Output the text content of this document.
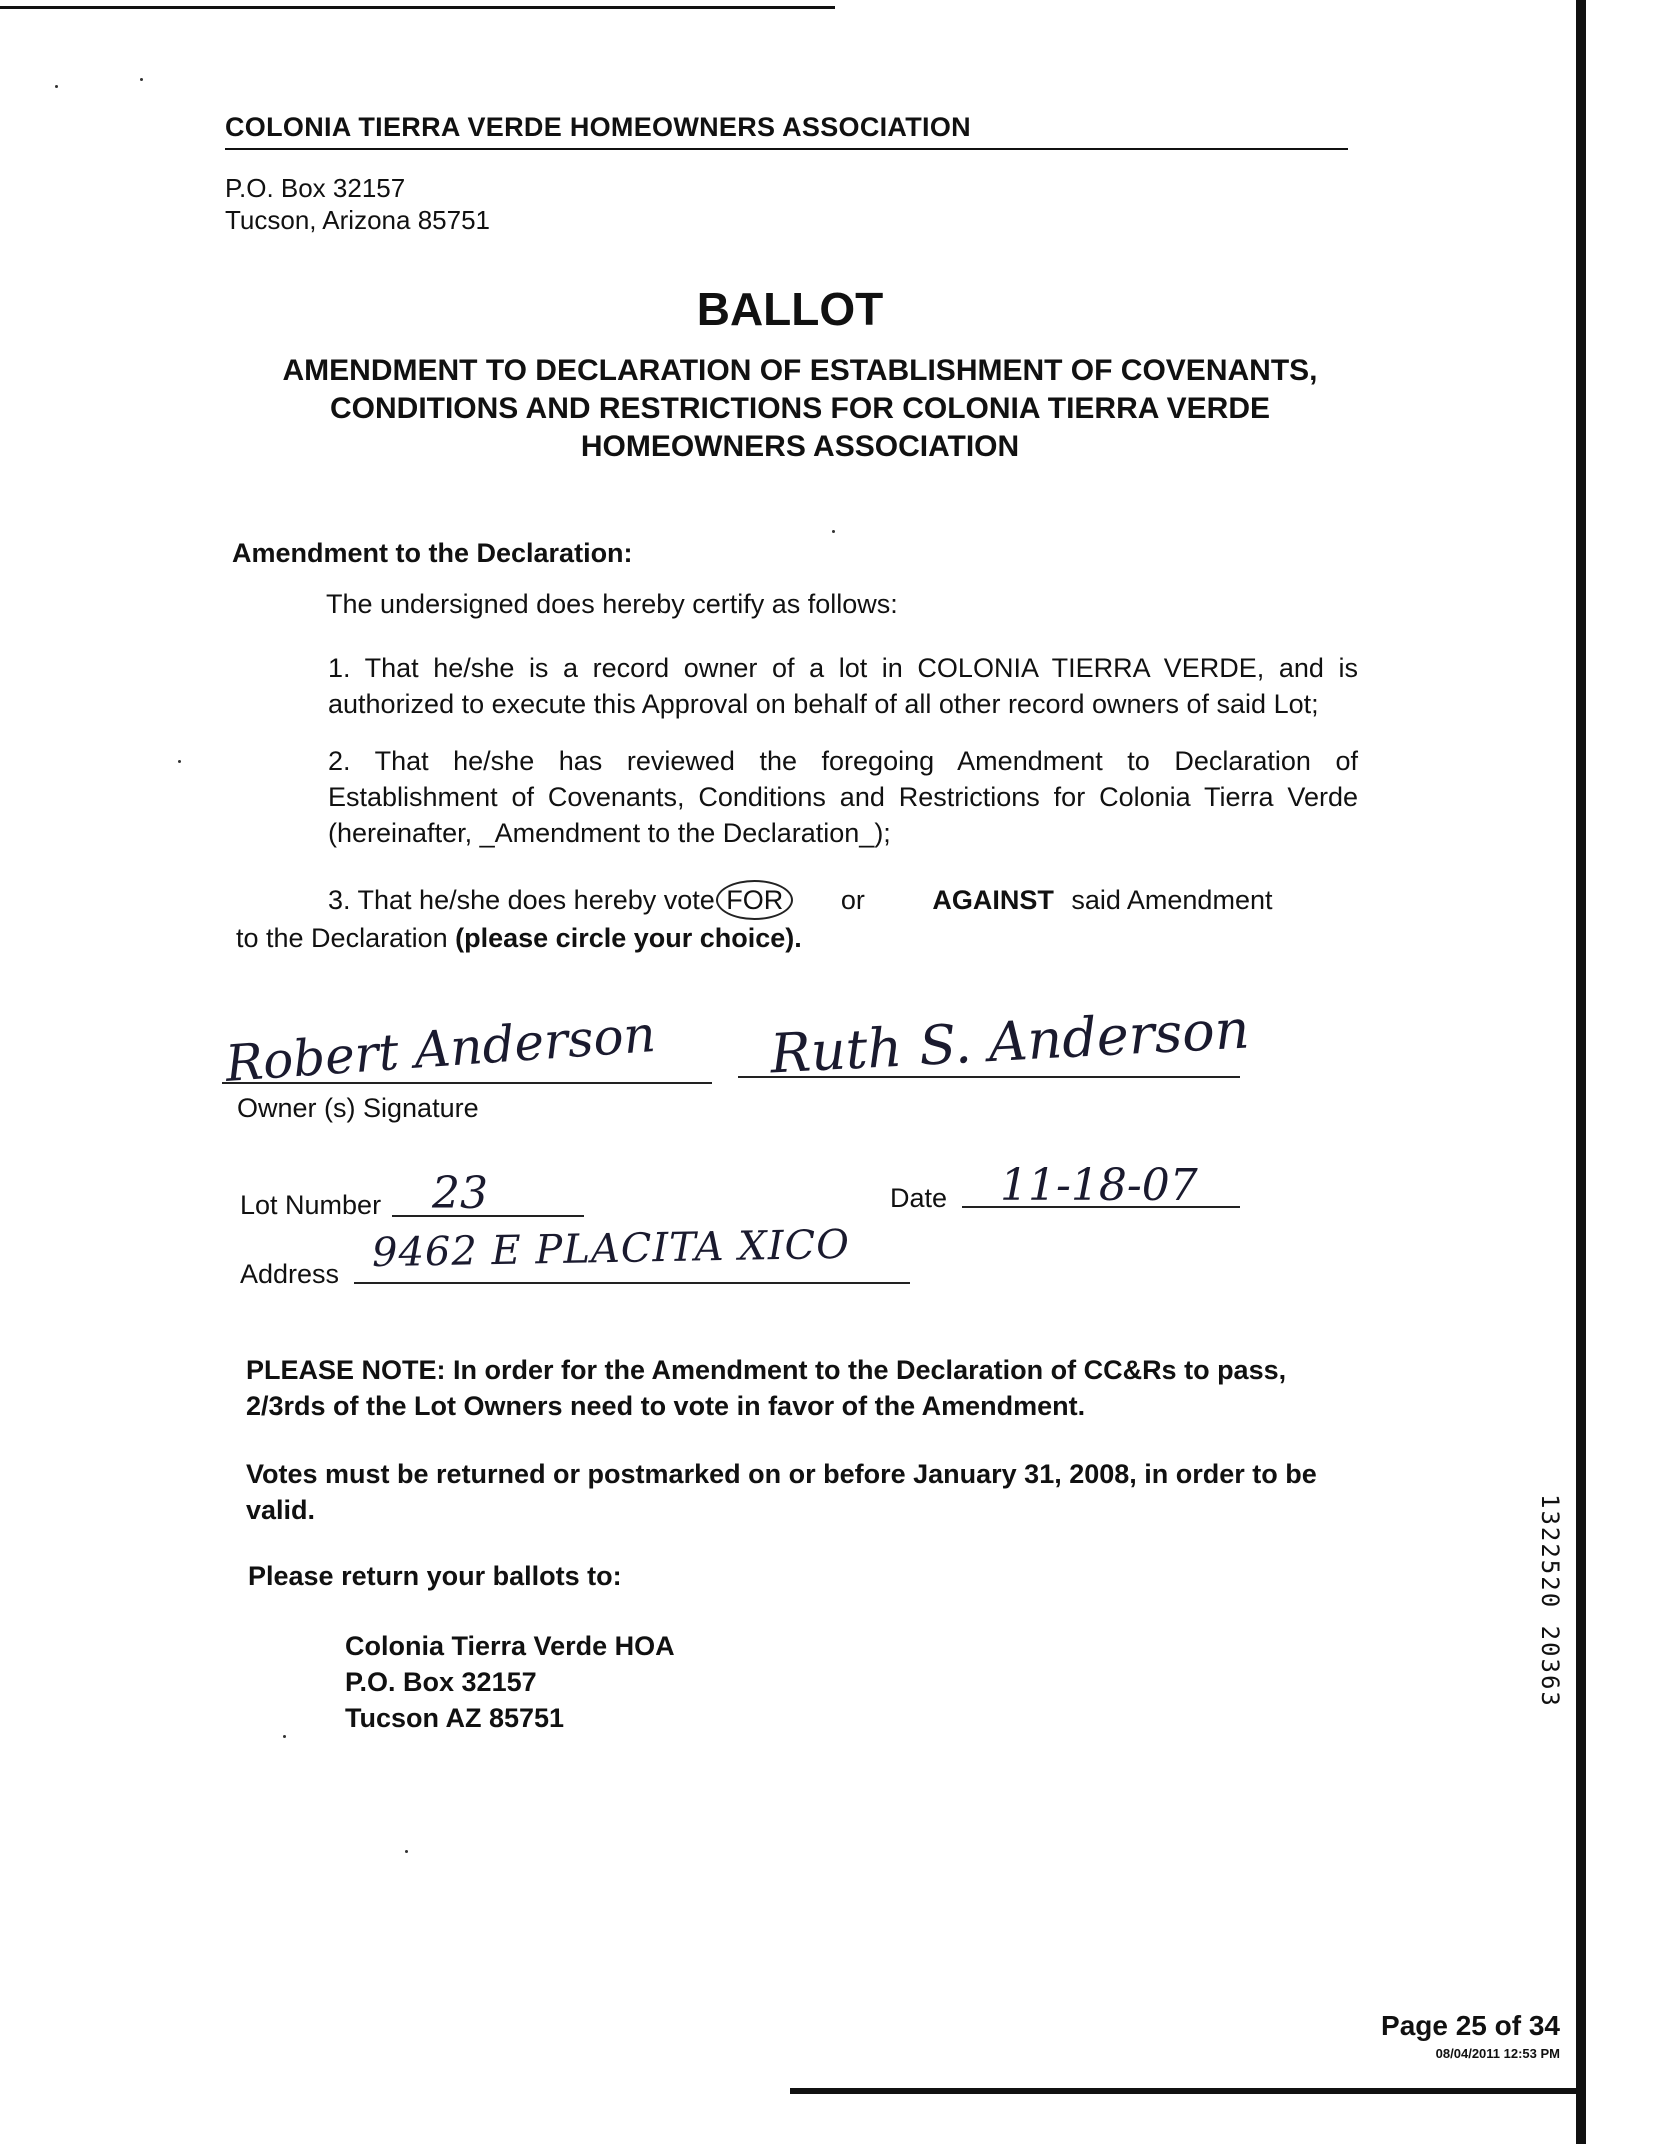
COLONIA TIERRA VERDE HOMEOWNERS ASSOCIATION
P.O. Box 32157
Tucson, Arizona 85751
BALLOT
AMENDMENT TO DECLARATION OF ESTABLISHMENT OF COVENANTS,
CONDITIONS AND RESTRICTIONS FOR COLONIA TIERRA VERDE
HOMEOWNERS ASSOCIATION
Amendment to the Declaration:
The undersigned does hereby certify as follows:
1. That he/she is a record owner of a lot in COLONIA TIERRA VERDE, and is authorized to execute this Approval on behalf of all other record owners of said Lot;
2. That he/she has reviewed the foregoing Amendment to Declaration of Establishment of Covenants, Conditions and Restrictions for Colonia Tierra Verde (hereinafter, _Amendment to the Declaration_);
3. That he/she does hereby vote FOR or	AGAINST said Amendment
to the Declaration (please circle your choice).
Robert Anderson Ruth S. Anderson
Owner (s) Signature
Lot Number 23	Date 11-18-07
Address 9462 E PLACITA XICO
PLEASE NOTE: In order for the Amendment to the Declaration of CC&Rs to pass, 2/3rds of the Lot Owners need to vote in favor of the Amendment.
Votes must be returned or postmarked on or before January 31, 2008, in order to be valid.
Please return your ballots to:
Colonia Tierra Verde HOA
P.O. Box 32157
Tucson AZ 85751
1322520 20363
Page 25 of 34
08/04/2011 12:53 PM
